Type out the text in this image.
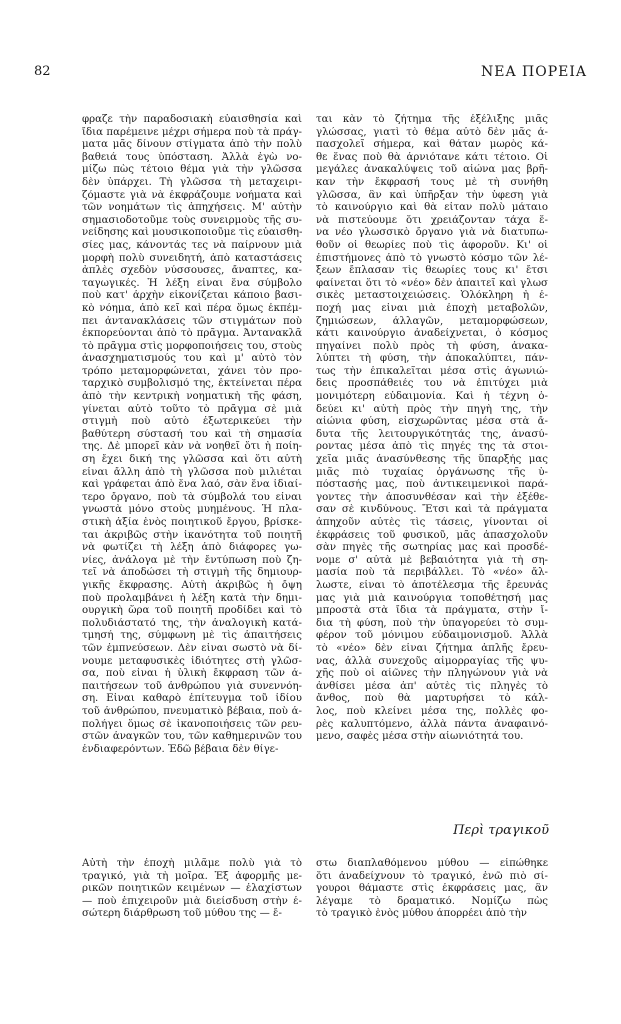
82	ΝΕΑ ΠΟΡΕΙΑ
φραζε τὴν παραδοσιακὴ εὐαισθησία καὶ
ἴδια παρέμεινε μέχρι σήμερα ποὺ τὰ πράγ-
ματα μᾶς δίνουν στίγματα ἀπὸ τὴν πολὺ
βαθειά τους ὑπόσταση. Ἀλλὰ ἐγὼ νο-
μίζω πὼς τέτοιο θέμα γιὰ τὴν γλῶσσα
δὲν ὑπάρχει. Τὴ γλῶσσα τὴ μεταχειρι-
ζόμαστε γιὰ νὰ ἐκφράζουμε νοήματα καὶ
τῶν νοημάτων τὶς ἀπηχήσεις. Μ' αὐτὴν
σημασιοδοτοῦμε τοὺς συνειρμοὺς τῆς συ-
νείδησης καὶ μουσικοποιοῦμε τὶς εὐαισθη-
σίες μας, κάνοντάς τες νὰ παίρνουν μιὰ
μορφὴ πολὺ συνειδητή, ἀπὸ καταστάσεις
ἁπλὲς σχεδὸν νύσσουσες, ἄναπτες, κα-
ταγωγικές. Ἡ λέξη εἶναι ἕνα σύμβολο
ποὺ κατ' ἀρχὴν εἰκονίζεται κάποιο βασι-
κὸ νόημα, ἀπὸ κεῖ καὶ πέρα ὅμως ἐκπέμ-
πει ἀντανακλάσεις τῶν στιγμάτων ποὺ
ἐκπορεύονται ἀπὸ τὸ πρᾶγμα. Ἀντανακλᾶ
τὸ πρᾶγμα στὶς μορφοποιήσεις του, στοὺς
ἀνασχηματισμούς του καὶ μ' αὐτὸ τὸν
τρόπο μεταμορφώνεται, χάνει τὸν προ-
ταρχικὸ συμβολισμό της, ἐκτείνεται πέρα
ἀπὸ τὴν κεντρικὴ νοηματικὴ τῆς φάση,
γίνεται αὐτὸ τοῦτο τὸ πρᾶγμα σὲ μιὰ
στιγμὴ ποὺ αὐτὸ ἐξωτερικεύει τὴν
βαθύτερη σύστασή του καὶ τὴ σημασία
της. Δὲ μπορεῖ κὰν νὰ νοηθεῖ ὅτι ἡ ποίη-
ση ἔχει δική της γλῶσσα καὶ ὅτι αὐτὴ
εἶναι ἄλλη ἀπὸ τὴ γλῶσσα ποὺ μιλιέται
καὶ γράφεται ἀπὸ ἕνα λαό, σὰν ἕνα ἰδιαί-
τερο ὄργανο, ποὺ τὰ σύμβολά του εἶναι
γνωστὰ μόνο στοὺς μυημένους. Ἡ πλα-
στικὴ ἀξία ἑνὸς ποιητικοῦ ἔργου, βρίσκε-
ται ἀκριβῶς στὴν ἱκανότητα τοῦ ποιητῆ
νὰ φωτίζει τὴ λέξη ἀπὸ διάφορες γω-
νίες, ἀνάλογα μὲ τὴν ἔντύπωση ποὺ ζη-
τεῖ νὰ ἀποδώσει τὴ στιγμὴ τῆς δημιουρ-
γικῆς ἔκφρασης. Αὐτὴ ἀκριβῶς ἡ ὄψη
ποὺ προλαμβάνει ἡ λέξη κατὰ τὴν δημι-
ουργικὴ ὥρα τοῦ ποιητῆ προδίδει καὶ τὸ
πολυδιάστατό της, τὴν ἀναλογικὴ κατά-
τμησή της, σύμφωνη μὲ τὶς ἀπαιτήσεις
τῶν ἐμπνεύσεων. Δὲν εἶναι σωστὸ νὰ δί-
νουμε μεταφυσικὲς ἰδιότητες στὴ γλῶσ-
σα, ποὺ εἶναι ἡ ὑλικὴ ἔκφραση τῶν ἀ-
παιτήσεων τοῦ ἀνθρώπου γιὰ συνεννόη-
ση. Εἶναι καθαρὸ ἐπίτευγμα τοῦ ἰδίου
τοῦ ἀνθρώπου, πνευματικὸ βέβαια, ποὺ ἀ-
πολήγει ὅμως σὲ ἱκανοποιήσεις τῶν ρευ-
στῶν ἀναγκῶν του, τῶν καθημερινῶν του
ἐνδιαφερόντων. Ἐδῶ βέβαια δὲν θίγε-
ται κὰν τὸ ζήτημα τῆς ἐξέλιξης μιᾶς
γλώσσας, γιατὶ τὸ θέμα αὐτὸ δὲν μᾶς ἀ-
πασχολεῖ σήμερα, καὶ θάταν μωρὸς κά-
θε ἕνας ποὺ θὰ ἀρνιότανε κάτι τέτοιο. Οἱ
μεγάλες ἀνακαλύψεις τοῦ αἰώνα μας βρῆ-
καν τὴν ἔκφρασή τους μὲ τὴ συνήθη
γλῶσσα, ἂν καὶ ὑπῆρξαν τὴν ὑφεση γιὰ
τὸ καινούργιο καὶ θὰ εἶταν πολὺ μάταιο
νὰ πιστεύουμε ὅτι χρειάζονταν τάχα ἕ-
να νέο γλωσσικὸ ὄργανο γιὰ νὰ διατυπω-
θοῦν οἱ θεωρίες ποὺ τὶς ἀφοροῦν. Κι' οἱ
ἐπιστήμονες ἀπὸ τὸ γνωστὸ κόσμο τῶν λέ-
ξεων ἔπλασαν τὶς θεωρίες τους κι' ἔτσι
φαίνεται ὅτι τὸ «νέο» δὲν ἀπαιτεῖ καὶ γλωσ
σικὲς μεταστοιχειώσεις. Ὁλόκληρη ἡ ἐ-
ποχή μας εἶναι μιὰ ἐποχὴ μεταβολῶν,
ζημιώσεων, ἀλλαγῶν, μεταμορφώσεων,
κάτι καινούργιο ἀναδείχνεται, ὁ κόσμος
πηγαίνει πολὺ πρὸς τὴ φύση, ἀνακα-
λύπτει τὴ φύση, τὴν ἀποκαλύπτει, πάν-
τως τὴν ἐπικαλεῖται μέσα στὶς ἀγωνιώ-
δεις προσπάθειές του νὰ ἐπιτύχει μιὰ
μονιμότερη εὐδαιμονία. Καὶ ἡ τέχνη ὁ-
δεύει κι' αὐτὴ πρὸς τὴν πηγὴ της, τὴν
αἰώνια φύση, εἰσχωρῶντας μέσα στὰ ἄ-
δυτα τῆς λειτουργικότητάς της, ἀνασύ-
ροντας μέσα ἀπὸ τὶς πηγές της τὰ στοι-
χεῖα μιᾶς ἀνασύνθεσης τῆς ὕπαρξής μας
μιᾶς πιὸ τυχαίας ὀργάνωσης τῆς ὑ-
πόστασής μας, ποὺ ἀντικειμενικοὶ παρά-
γοντες τὴν ἀποσυνθέσαν καὶ τὴν ἐξέθε-
σαν σὲ κινδύνους. Ἔτσι καὶ τὰ πράγματα
ἀπηχοῦν αὐτὲς τὶς τάσεις, γίνονται οἱ
ἐκφράσεις τοῦ φυσικοῦ, μᾶς ἀπασχολοῦν
σὰν πηγὲς τῆς σωτηρίας μας καὶ προσδέ-
νομε σ' αὐτὰ μὲ βεβαιότητα γιὰ τὴ ση-
μασία ποὺ τὰ περιβάλλει. Τὸ «νέο» ἄλ-
λωστε, εἶναι τὸ ἀποτέλεσμα τῆς ἔρευνάς
μας γιὰ μιὰ καινούργια τοποθέτησή μας
μπροστὰ στὰ ἴδια τὰ πράγματα, στὴν ἴ-
δια τὴ φύση, ποὺ τὴν ὑπαγορεύει τὸ συμ-
φέρον τοῦ μόνιμου εὐδαιμονισμοῦ. Ἀλλὰ
τὸ «νέο» δὲν εἶναι ζήτημα ἁπλῆς ἔρευ-
νας, ἀλλὰ συνεχοῦς αἱμορραγίας τῆς ψυ-
χῆς ποὺ οἱ αἰῶνες τὴν πληγώνουν γιὰ νὰ
ἀνθίσει μέσα ἀπ' αὐτὲς τὶς πληγὲς τὸ
ἄνθος, ποὺ θὰ μαρτυρήσει τὸ κάλ-
λος, ποὺ κλείνει μέσα της, πολλὲς φο-
ρὲς καλυπτόμενο, ἀλλὰ πάντα ἀναφαινό-
μενο, σαφὲς μέσα στὴν αἰωνιότητά του.
Περὶ τραγικοῦ
Αὐτὴ τὴν ἐποχὴ μιλᾶμε πολὺ γιὰ τὸ
τραγικό, γιὰ τὴ μοῖρα. Ἐξ ἀφορμῆς με-
ρικῶν ποιητικῶν κειμένων — ἐλαχίστων
— ποὺ ἐπιχειροῦν μιὰ διείσδυση στὴν ἐ-
σώτερη διάρθρωση τοῦ μύθου της — ἔ-
στω διαπλαθόμενου μύθου — εἰπώθηκε
ὅτι ἀναδείχνουν τὸ τραγικό, ἐνῶ πιὸ σί-
γουροι θάμαστε στὶς ἐκφράσεις μας, ἂν
λέγαμε τὸ δραματικό. Νομίζω πὼς
τὸ τραγικὸ ἑνὸς μύθου ἀπορρέει ἀπὸ τὴν
